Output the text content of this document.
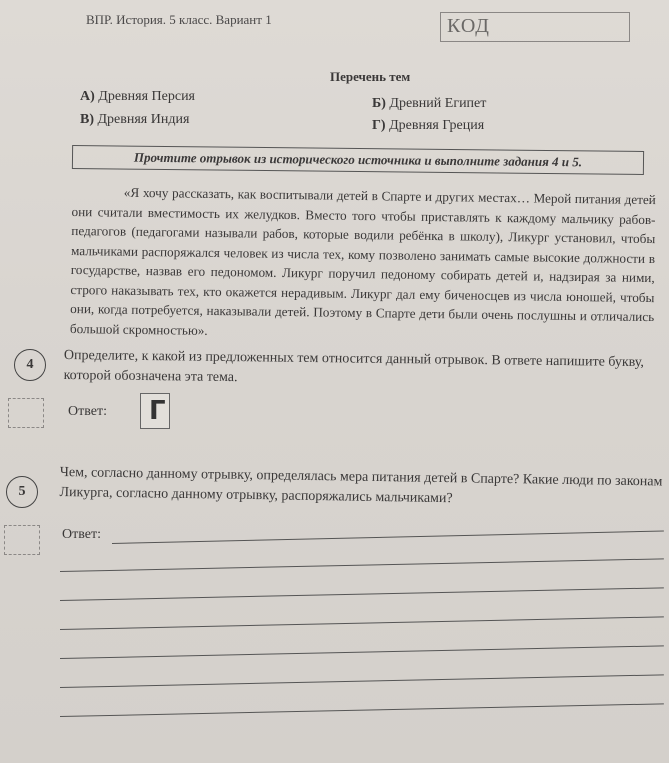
ВПР. История. 5 класс. Вариант 1	КОД
Перечень тем
А) Древняя Персия	Б) Древний Египет
В) Древняя Индия	Г) Древняя Греция
Прочтите отрывок из исторического источника и выполните задания 4 и 5.
«Я хочу рассказать, как воспитывали детей в Спарте и других местах… Мерой питания детей они считали вместимость их желудков. Вместо того чтобы приставлять к каждому мальчику рабов-педагогов (педагогами называли рабов, которые водили ребёнка в школу), Ликург установил, чтобы мальчиками распоряжался человек из числа тех, кому позволено занимать самые высокие должности в государстве, назвав его педономом. Ликург поручил педоному собирать детей и, надзирая за ними, строго наказывать тех, кто окажется нерадивым. Ликург дал ему биченосцев из числа юношей, чтобы они, когда потребуется, наказывали детей. Поэтому в Спарте дети были очень послушны и отличались большой скромностью».
4	Определите, к какой из предложенных тем относится данный отрывок. В ответе напишите букву, которой обозначена эта тема.
Ответ: Г
5
Чем, согласно данному отрывку, определялась мера питания детей в Спарте? Какие люди по законам Ликурга, согласно данному отрывку, распоряжались мальчиками?
Ответ:
